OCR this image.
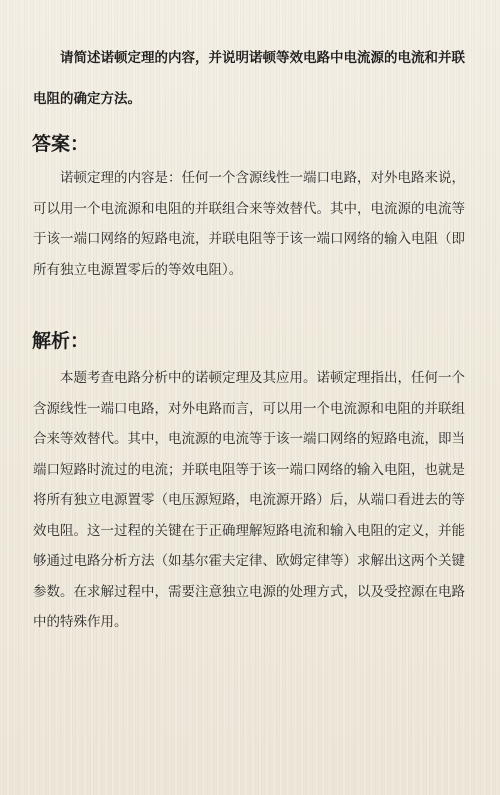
请简述诺顿定理的内容，并说明诺顿等效电路中电流源的电流和并联电阻的确定方法。
答案：
诺顿定理的内容是：任何一个含源线性一端口电路，对外电路来说，可以用一个电流源和电阻的并联组合来等效替代。其中，电流源的电流等于该一端口网络的短路电流，并联电阻等于该一端口网络的输入电阻（即所有独立电源置零后的等效电阻）。
解析：
本题考查电路分析中的诺顿定理及其应用。诺顿定理指出，任何一个含源线性一端口电路，对外电路而言，可以用一个电流源和电阻的并联组合来等效替代。其中，电流源的电流等于该一端口网络的短路电流，即当端口短路时流过的电流；并联电阻等于该一端口网络的输入电阻，也就是将所有独立电源置零（电压源短路，电流源开路）后，从端口看进去的等效电阻。这一过程的关键在于正确理解短路电流和输入电阻的定义，并能够通过电路分析方法（如基尔霍夫定律、欧姆定律等）求解出这两个关键参数。在求解过程中，需要注意独立电源的处理方式，以及受控源在电路中的特殊作用。
